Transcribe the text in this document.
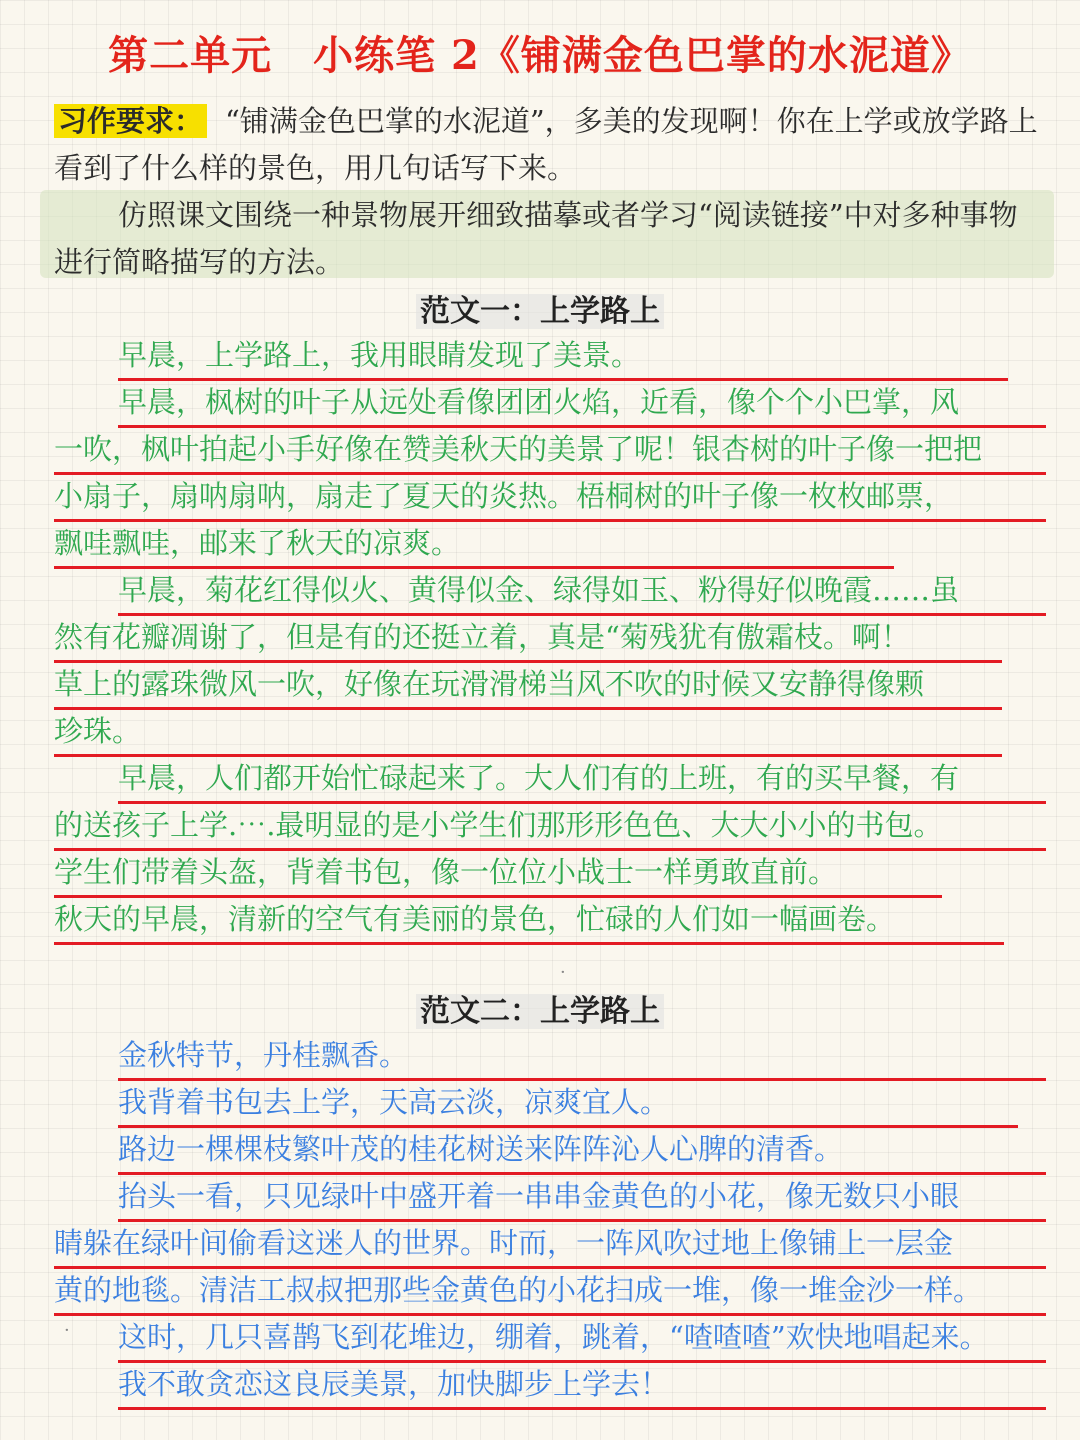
第二单元　小练笔 2《铺满金色巴掌的水泥道》
习作要求： “铺满金色巴掌的水泥道”，多美的发现啊！你在上学或放学路上看到了什么样的景色，用几句话写下来。
仿照课文围绕一种景物展开细致描摹或者学习“阅读链接”中对多种事物进行简略描写的方法。
范文一：上学路上
早晨，上学路上，我用眼睛发现了美景。
早晨，枫树的叶子从远处看像团团火焰，近看，像个个小巴掌，风
一吹，枫叶拍起小手好像在赞美秋天的美景了呢！银杏树的叶子像一把把
小扇子，扇呐扇呐，扇走了夏天的炎热。梧桐树的叶子像一枚枚邮票，
飘哇飘哇，邮来了秋天的凉爽。
早晨，菊花红得似火、黄得似金、绿得如玉、粉得好似晚霞……虽
然有花瓣凋谢了，但是有的还挺立着，真是“菊残犹有傲霜枝。啊！
草上的露珠微风一吹，好像在玩滑滑梯当风不吹的时候又安静得像颗
珍珠。
早晨，人们都开始忙碌起来了。大人们有的上班，有的买早餐，有
的送孩子上学.⋯.最明显的是小学生们那形形色色、大大小小的书包。
学生们带着头盔，背着书包，像一位位小战士一样勇敢直前。
秋天的早晨，清新的空气有美丽的景色，忙碌的人们如一幅画卷。
·
范文二：上学路上
金秋特节，丹桂飘香。
我背着书包去上学，天高云淡，凉爽宜人。
路边一棵棵枝繁叶茂的桂花树送来阵阵沁人心脾的清香。
抬头一看，只见绿叶中盛开着一串串金黄色的小花，像无数只小眼
睛躲在绿叶间偷看这迷人的世界。时而，一阵风吹过地上像铺上一层金
黄的地毯。清洁工叔叔把那些金黄色的小花扫成一堆，像一堆金沙一样。
这时，几只喜鹊飞到花堆边，绷着，跳着，“喳喳喳”欢快地唱起来。
我不敢贪恋这良辰美景，加快脚步上学去！
·
